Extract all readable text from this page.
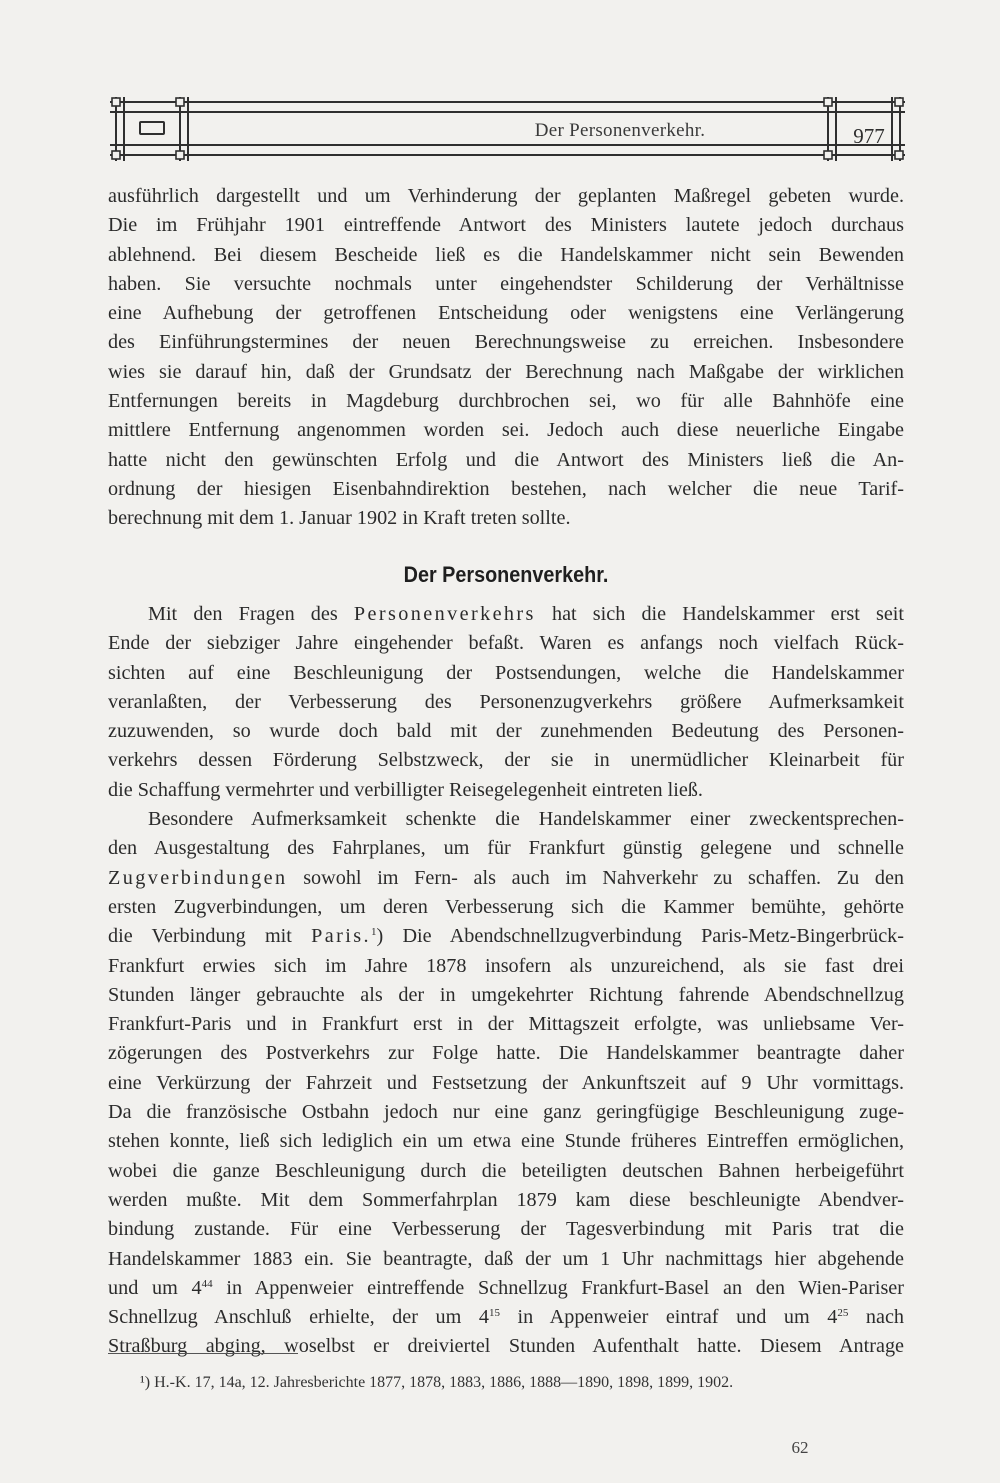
Der Personenverkehr.	977
ausführlich dargestellt und um Verhinderung der geplanten Maßregel gebeten wurde.
Die im Frühjahr 1901 eintreffende Antwort des Ministers lautete jedoch durchaus
ablehnend. Bei diesem Bescheide ließ es die Handelskammer nicht sein Bewenden
haben. Sie versuchte nochmals unter eingehendster Schilderung der Verhältnisse
eine Aufhebung der getroffenen Entscheidung oder wenigstens eine Verlängerung
des Einführungstermines der neuen Berechnungsweise zu erreichen. Insbesondere
wies sie darauf hin, daß der Grundsatz der Berechnung nach Maßgabe der wirklichen
Entfernungen bereits in Magdeburg durchbrochen sei, wo für alle Bahnhöfe eine
mittlere Entfernung angenommen worden sei. Jedoch auch diese neuerliche Eingabe
hatte nicht den gewünschten Erfolg und die Antwort des Ministers ließ die An-
ordnung der hiesigen Eisenbahndirektion bestehen, nach welcher die neue Tarif-
berechnung mit dem 1. Januar 1902 in Kraft treten sollte.
Der Personenverkehr.
Mit den Fragen des Personenverkehrs hat sich die Handelskammer erst seit
Ende der siebziger Jahre eingehender befaßt. Waren es anfangs noch vielfach Rück-
sichten auf eine Beschleunigung der Postsendungen, welche die Handelskammer
veranlaßten, der Verbesserung des Personenzugverkehrs größere Aufmerksamkeit
zuzuwenden, so wurde doch bald mit der zunehmenden Bedeutung des Personen-
verkehrs dessen Förderung Selbstzweck, der sie in unermüdlicher Kleinarbeit für
die Schaffung vermehrter und verbilligter Reisegelegenheit eintreten ließ.
Besondere Aufmerksamkeit schenkte die Handelskammer einer zweckentsprechen-
den Ausgestaltung des Fahrplanes, um für Frankfurt günstig gelegene und schnelle
Zugverbindungen sowohl im Fern- als auch im Nahverkehr zu schaffen. Zu den
ersten Zugverbindungen, um deren Verbesserung sich die Kammer bemühte, gehörte
die Verbindung mit Paris.$^1$) Die Abendschnellzugverbindung Paris-Metz-Bingerbrück-
Frankfurt erwies sich im Jahre 1878 insofern als unzureichend, als sie fast drei
Stunden länger gebrauchte als der in umgekehrter Richtung fahrende Abendschnellzug
Frankfurt-Paris und in Frankfurt erst in der Mittagszeit erfolgte, was unliebsame Ver-
zögerungen des Postverkehrs zur Folge hatte. Die Handelskammer beantragte daher
eine Verkürzung der Fahrzeit und Festsetzung der Ankunftszeit auf 9 Uhr vormittags.
Da die französische Ostbahn jedoch nur eine ganz geringfügige Beschleunigung zuge-
stehen konnte, ließ sich lediglich ein um etwa eine Stunde früheres Eintreffen ermöglichen,
wobei die ganze Beschleunigung durch die beteiligten deutschen Bahnen herbeigeführt
werden mußte. Mit dem Sommerfahrplan 1879 kam diese beschleunigte Abendver-
bindung zustande. Für eine Verbesserung der Tagesverbindung mit Paris trat die
Handelskammer 1883 ein. Sie beantragte, daß der um 1 Uhr nachmittags hier abgehende
und um $4^{44}$ in Appenweier eintreffende Schnellzug Frankfurt-Basel an den Wien-Pariser
Schnellzug Anschluß erhielte, der um $4^{15}$ in Appenweier eintraf und um $4^{25}$ nach
Straßburg abging, woselbst er dreiviertel Stunden Aufenthalt hatte. Diesem Antrage
¹) H.-K. 17, 14a, 12. Jahresberichte 1877, 1878, 1883, 1886, 1888—1890, 1898, 1899, 1902.
62
